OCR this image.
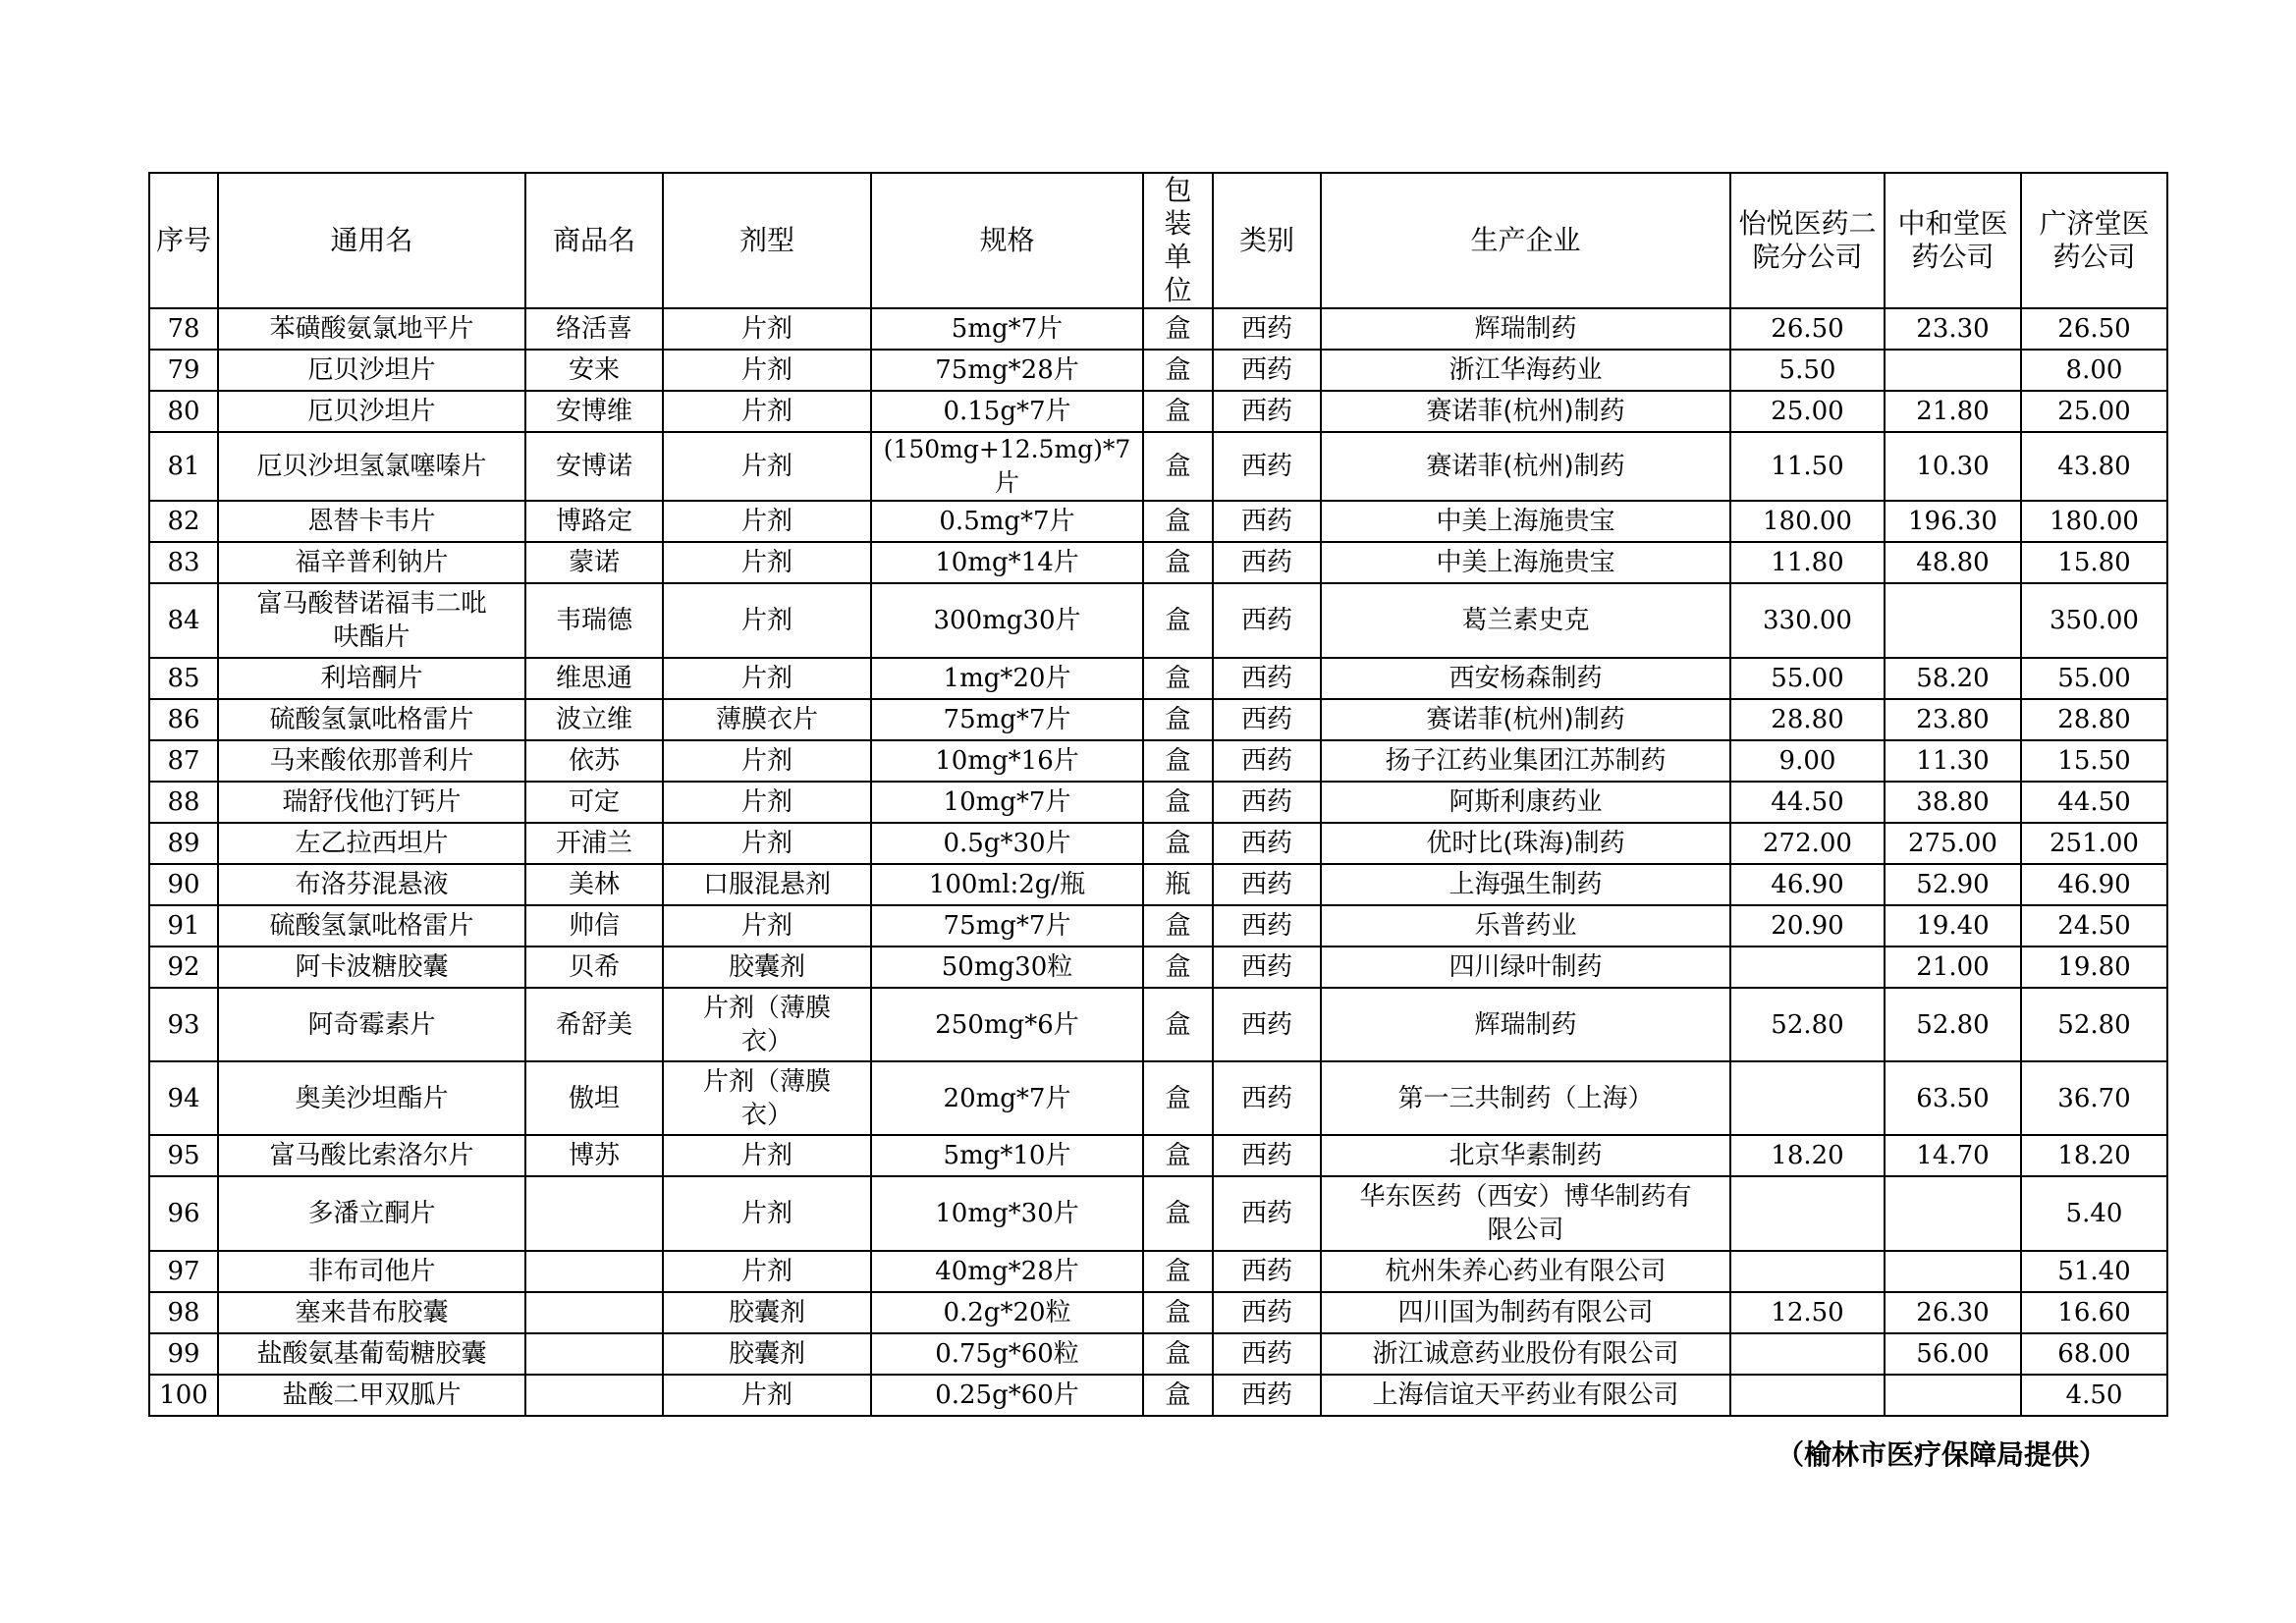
序号	通用名	商品名	剂型	规格	包装单位	类别	生产企业	怡悦医药二院分公司	中和堂医药公司	广济堂医药公司
78	苯磺酸氨氯地平片	络活喜	片剂	5mg*7片	盒	西药	辉瑞制药	26.50	23.30	26.50
79	厄贝沙坦片	安来	片剂	75mg*28片	盒	西药	浙江华海药业	5.50		8.00
80	厄贝沙坦片	安博维	片剂	0.15g*7片	盒	西药	赛诺菲(杭州)制药	25.00	21.80	25.00
81	厄贝沙坦氢氯噻嗪片	安博诺	片剂	(150mg+12.5mg)*7片	盒	西药	赛诺菲(杭州)制药	11.50	10.30	43.80
82	恩替卡韦片	博路定	片剂	0.5mg*7片	盒	西药	中美上海施贵宝	180.00	196.30	180.00
83	福辛普利钠片	蒙诺	片剂	10mg*14片	盒	西药	中美上海施贵宝	11.80	48.80	15.80
84	富马酸替诺福韦二吡呋酯片	韦瑞德	片剂	300mg30片	盒	西药	葛兰素史克	330.00		350.00
85	利培酮片	维思通	片剂	1mg*20片	盒	西药	西安杨森制药	55.00	58.20	55.00
86	硫酸氢氯吡格雷片	波立维	薄膜衣片	75mg*7片	盒	西药	赛诺菲(杭州)制药	28.80	23.80	28.80
87	马来酸依那普利片	依苏	片剂	10mg*16片	盒	西药	扬子江药业集团江苏制药	9.00	11.30	15.50
88	瑞舒伐他汀钙片	可定	片剂	10mg*7片	盒	西药	阿斯利康药业	44.50	38.80	44.50
89	左乙拉西坦片	开浦兰	片剂	0.5g*30片	盒	西药	优时比(珠海)制药	272.00	275.00	251.00
90	布洛芬混悬液	美林	口服混悬剂	100ml:2g/瓶	瓶	西药	上海强生制药	46.90	52.90	46.90
91	硫酸氢氯吡格雷片	帅信	片剂	75mg*7片	盒	西药	乐普药业	20.90	19.40	24.50
92	阿卡波糖胶囊	贝希	胶囊剂	50mg30粒	盒	西药	四川绿叶制药		21.00	19.80
93	阿奇霉素片	希舒美	片剂（薄膜衣）	250mg*6片	盒	西药	辉瑞制药	52.80	52.80	52.80
94	奥美沙坦酯片	傲坦	片剂（薄膜衣）	20mg*7片	盒	西药	第一三共制药（上海）		63.50	36.70
95	富马酸比索洛尔片	博苏	片剂	5mg*10片	盒	西药	北京华素制药	18.20	14.70	18.20
96	多潘立酮片		片剂	10mg*30片	盒	西药	华东医药（西安）博华制药有限公司			5.40
97	非布司他片		片剂	40mg*28片	盒	西药	杭州朱养心药业有限公司			51.40
98	塞来昔布胶囊		胶囊剂	0.2g*20粒	盒	西药	四川国为制药有限公司	12.50	26.30	16.60
99	盐酸氨基葡萄糖胶囊		胶囊剂	0.75g*60粒	盒	西药	浙江诚意药业股份有限公司		56.00	68.00
100	盐酸二甲双胍片		片剂	0.25g*60片	盒	西药	上海信谊天平药业有限公司			4.50
（榆林市医疗保障局提供）
